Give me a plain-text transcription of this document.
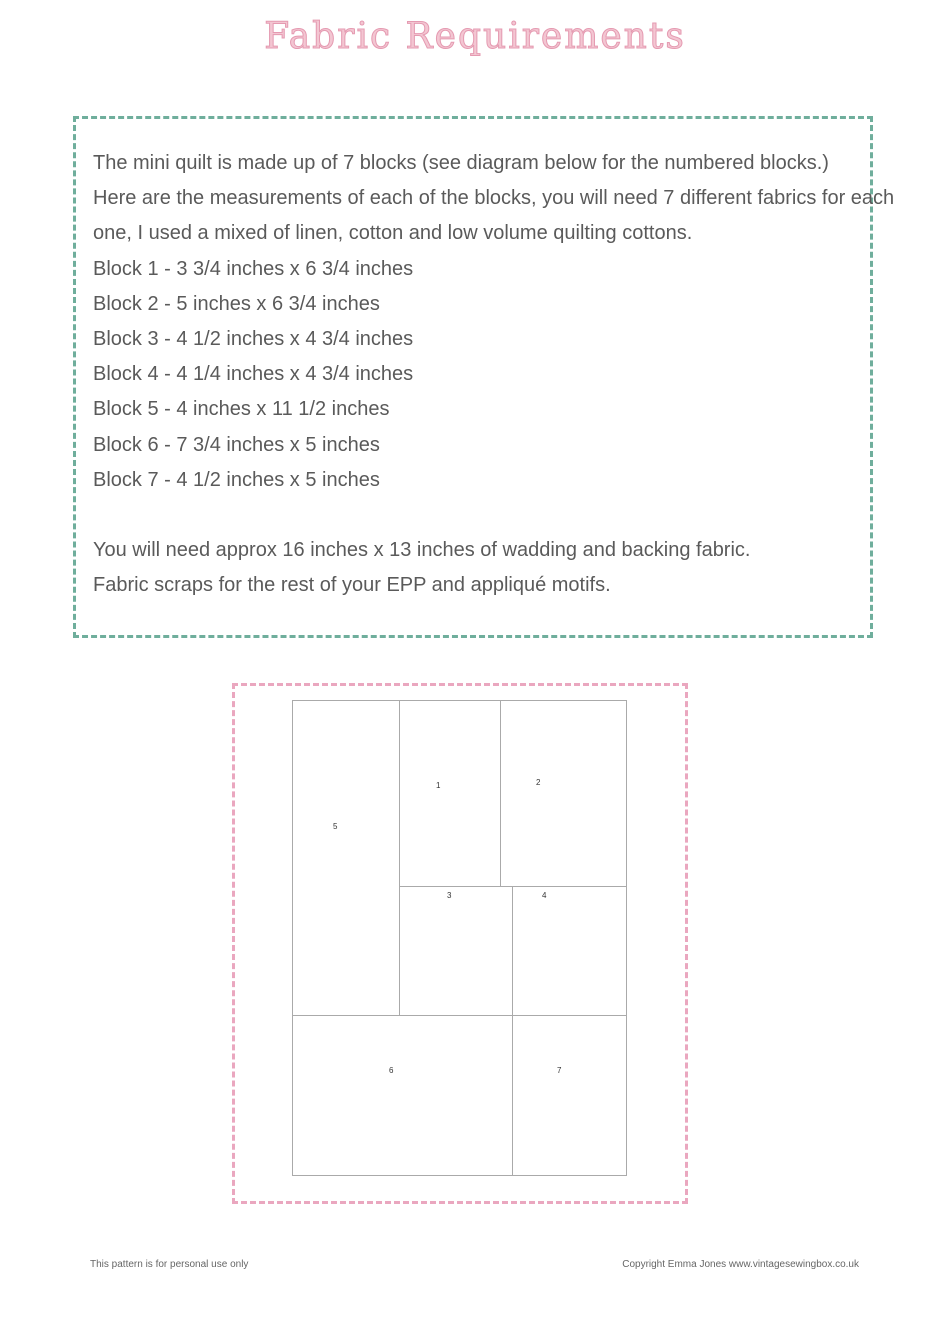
Fabric Requirements
The mini quilt is made up of 7 blocks (see diagram below for the numbered blocks.)
Here are the measurements of each of the blocks, you will need 7 different fabrics for each
one, I used a mixed of linen, cotton and low volume quilting cottons.
Block 1 - 3 3/4 inches x 6 3/4 inches
Block 2 - 5 inches x 6 3/4 inches
Block 3 - 4 1/2 inches x 4 3/4 inches
Block 4 - 4 1/4 inches x 4 3/4 inches
Block 5 - 4 inches x 11 1/2 inches
Block 6 - 7 3/4 inches x 5 inches
Block 7 - 4 1/2 inches x 5 inches
You will need approx 16 inches x 13 inches of wadding and backing fabric.
Fabric scraps for the rest of your EPP and appliqué motifs.
1	2
3	4
5
6	7
This pattern is for personal use only	Copyright Emma Jones www.vintagesewingbox.co.uk
